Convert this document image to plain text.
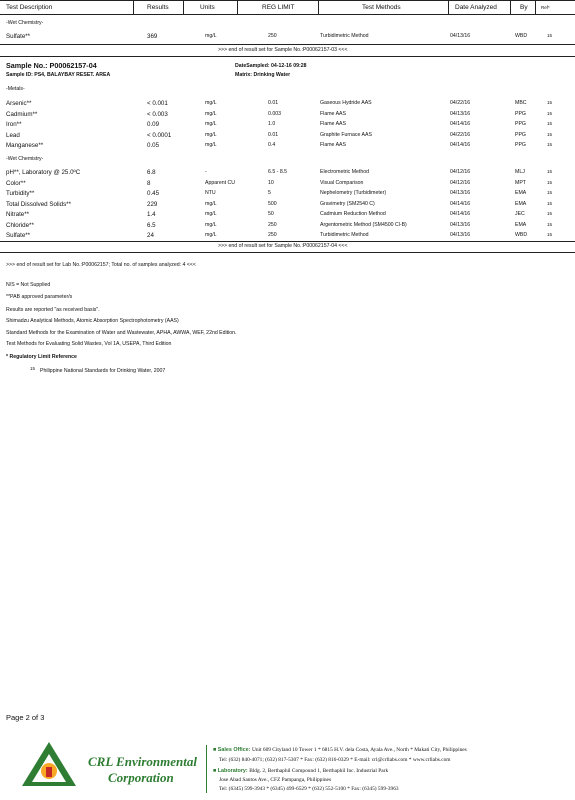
Test Description	Results	Units	REG LIMIT	Test Methods	Date Analyzed	By	Ref*
-Wet Chemistry-
Sulfate**	369	mg/L	250	Turbidimetric Method	04/13/16	WBD	15
>>> end of result set for Sample No.:P00062157-03 <<<
Sample No.: P00062157-04
Sample ID: PS4, BALAYBAY RESET. AREA
DateSampled: 04-12-16 09:28
Matrix: Drinking Water
-Metals-
Arsenic**	< 0.001	mg/L	0.01	Gaseous Hydride AAS	04/22/16	MBC	15
Cadmium**	< 0.003	mg/L	0.003	Flame AAS	04/13/16	PPG	15
Iron**	0.09	mg/L	1.0	Flame AAS	04/14/16	PPG	15
Lead	< 0.0001	mg/L	0.01	Graphite Furnace AAS	04/22/16	PPG	15
Manganese**	0.05	mg/L	0.4	Flame AAS	04/14/16	PPG	15
-Wet Chemistry-
pH**, Laboratory @ 25.0ºC	6.8	-	6.5 - 8.5	Electrometric Method	04/12/16	MLJ	15
Color**	8	Apparent CU	10	Visual Comparison	04/12/16	MPT	15
Turbidity**	0.45	NTU	5	Nephelometry (Turbidimeter)	04/13/16	EMA	15
Total Dissolved Solids**	229	mg/L	500	Gravimetry (SM2540 C)	04/14/16	EMA	15
Nitrate**	1.4	mg/L	50	Cadmium Reduction Method	04/14/16	JEC	15
Chloride**	6.5	mg/L	250	Argentometric Method (SM4500 Cl-B)	04/13/16	EMA	15
Sulfate**	24	mg/L	250	Turbidimetric Method	04/13/16	WBD	15
>>> end of result set for Sample No.:P00062157-04 <<<
>>> end of result set for Lab No.:P00062157; Total no. of samples analyzed: 4 <<<
N/S = Not Supplied
**PAB approved parameter/s
Results are reported "as received basis".
Shimadzu Analytical Methods, Atomic Absorption Spectrophotometry (AAS)
Standard Methods for the Examination of Water and Wastewater, APHA, AWWA, WEF, 22nd Edition.
Test Methods for Evaluating Solid Wastes, Vol 1A, USEPA, Third Edition
* Regulatory Limit Reference
15 Philippine National Standards for Drinking Water, 2007
Page 2 of 3
CRL Environmental
Corporation
■ Sales Office: Unit 609 Cityland 10 Tower 1 * 6815 H.V. dela Costa, Ayala Ave., North * Makati City, Philippines
Tel: (632) 840-4071; (632) 817-5307 * Fax: (632) 816-0329 * E-mail: crl@crllabs.com * www.crllabs.com
■ Laboratory: Bldg. 2, Berthaphil Compound 1, Berthaphil Inc. Industrial Park
Jose Abad Santos Ave., CFZ Pampanga, Philippines
Tel: (6345) 599-3943 * (6345) 499-6529 * (632) 552-5100 * Fax: (6345) 599-3963
